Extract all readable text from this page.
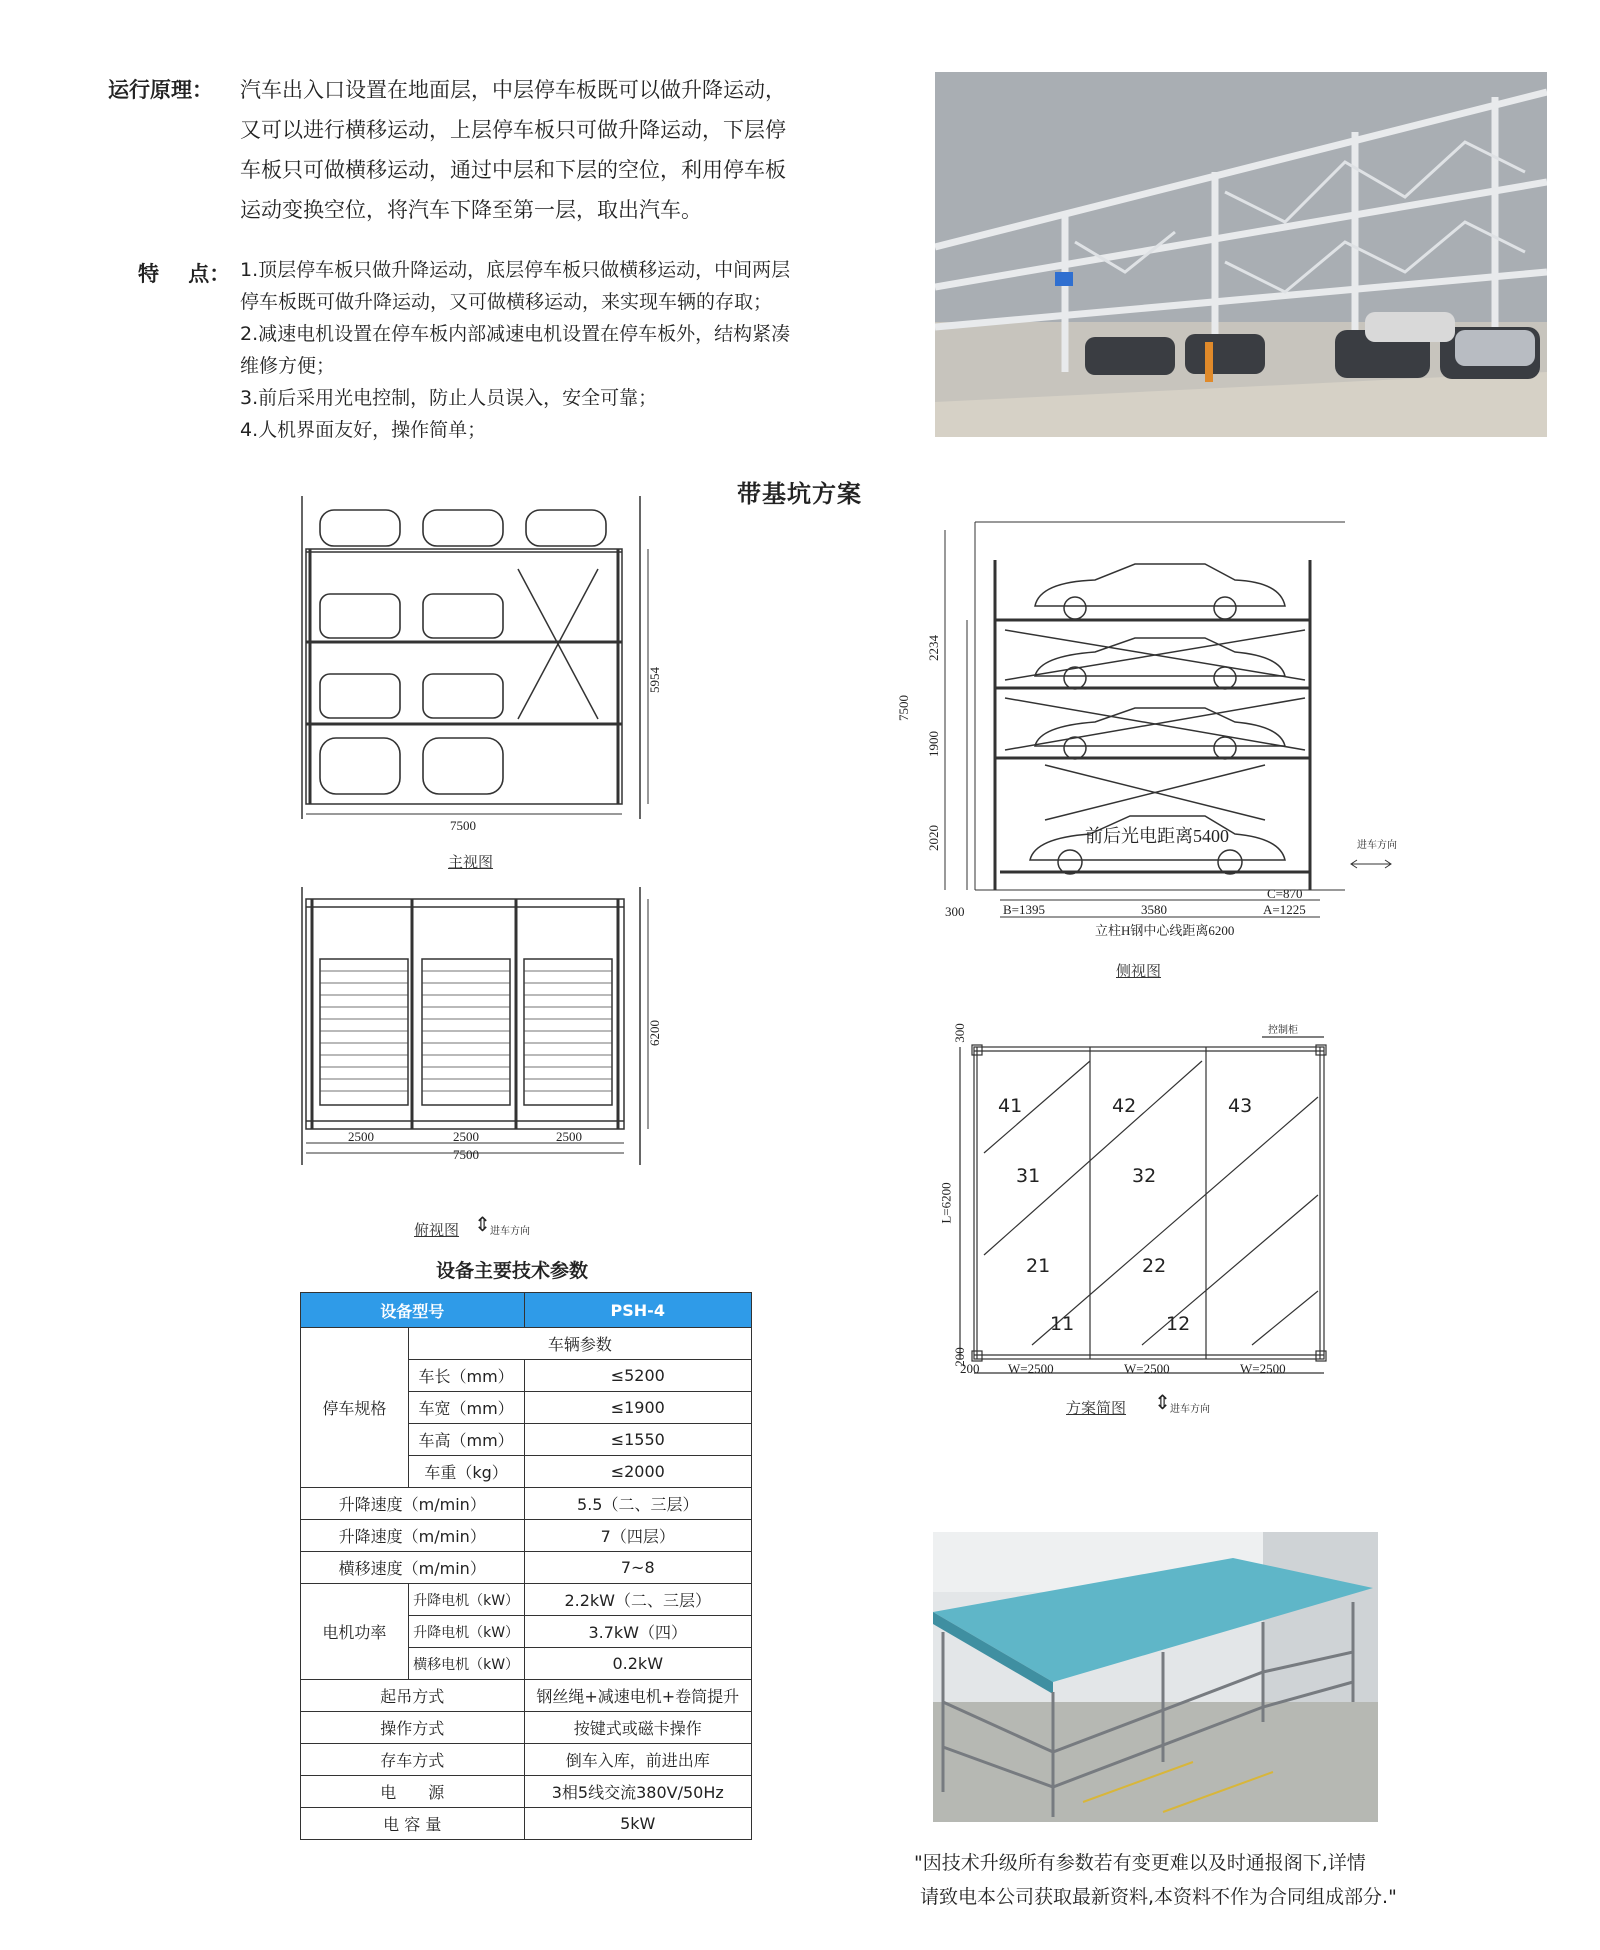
运行原理： 汽车出入口设置在地面层，中层停车板既可以做升降运动，
又可以进行横移运动，上层停车板只可做升降运动，下层停
车板只可做横移运动，通过中层和下层的空位，利用停车板
运动变换空位，将汽车下降至第一层，取出汽车。
特    点： 1.顶层停车板只做升降运动，底层停车板只做横移运动，中间两层
停车板既可做升降运动，又可做横移运动，来实现车辆的存取；
2.减速电机设置在停车板内部减速电机设置在停车板外，结构紧凑
维修方便；
3.前后采用光电控制，防止人员误入，安全可靠；
4.人机界面友好，操作简单；
带基坑方案
7500
5954
主视图
2500	2500	2500
7500
6200
俯视图 ⇕ 进车方向
2234
1900
2020
7500
300	B=1395	3580	A=1225
C=870
立柱H钢中心线距离6200
前后光电距离5400	进车方向
侧视图
300
L=6200
200
200 W=2500	W=2500	W=2500
控制柜
41	42	43
31	32
21	22
11	12
方案简图 ⇕ 进车方向
设备主要技术参数
设备型号		PSH-4
停车规格	车辆参数	
	车长（mm）	≤5200
	车宽（mm）	≤1900
	车高（mm）	≤1550
	车重（kg）	≤2000
升降速度（m/min）		5.5（二、三层）
升降速度（m/min）		7（四层）
横移速度（m/min）		7~8
电机功率	升降电机（kW）	2.2kW（二、三层）
	升降电机（kW）	3.7kW（四）
	横移电机（kW）	0.2kW
起吊方式		钢丝绳+减速电机+卷筒提升
操作方式		按键式或磁卡操作
存车方式		倒车入库，前进出库
电　　源		3相5线交流380V/50Hz
电 容 量		5kW
"因技术升级所有参数若有变更难以及时通报阁下,详情
请致电本公司获取最新资料,本资料不作为合同组成部分."
